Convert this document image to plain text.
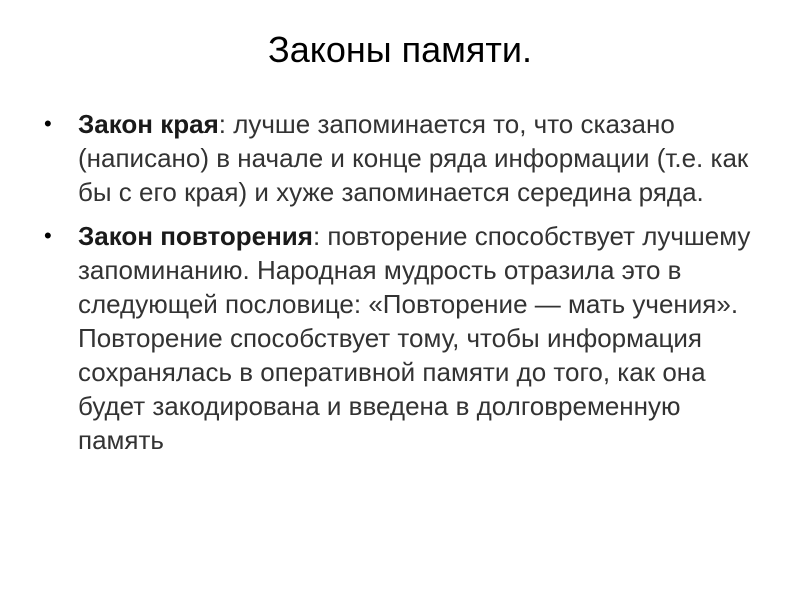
Законы памяти.
• Закон края: лучше запоминается то, что сказано (написано) в начале и конце ряда информации (т.е. как бы с его края) и хуже запоминается середина ряда.
• Закон повторения: повторение способствует лучшему запоминанию. Народная мудрость отразила это в следующей пословице: «Повторение — мать учения». Повторение способствует тому, чтобы информация сохранялась в оперативной памяти до того, как она будет закодирована и введена в долговременную память
